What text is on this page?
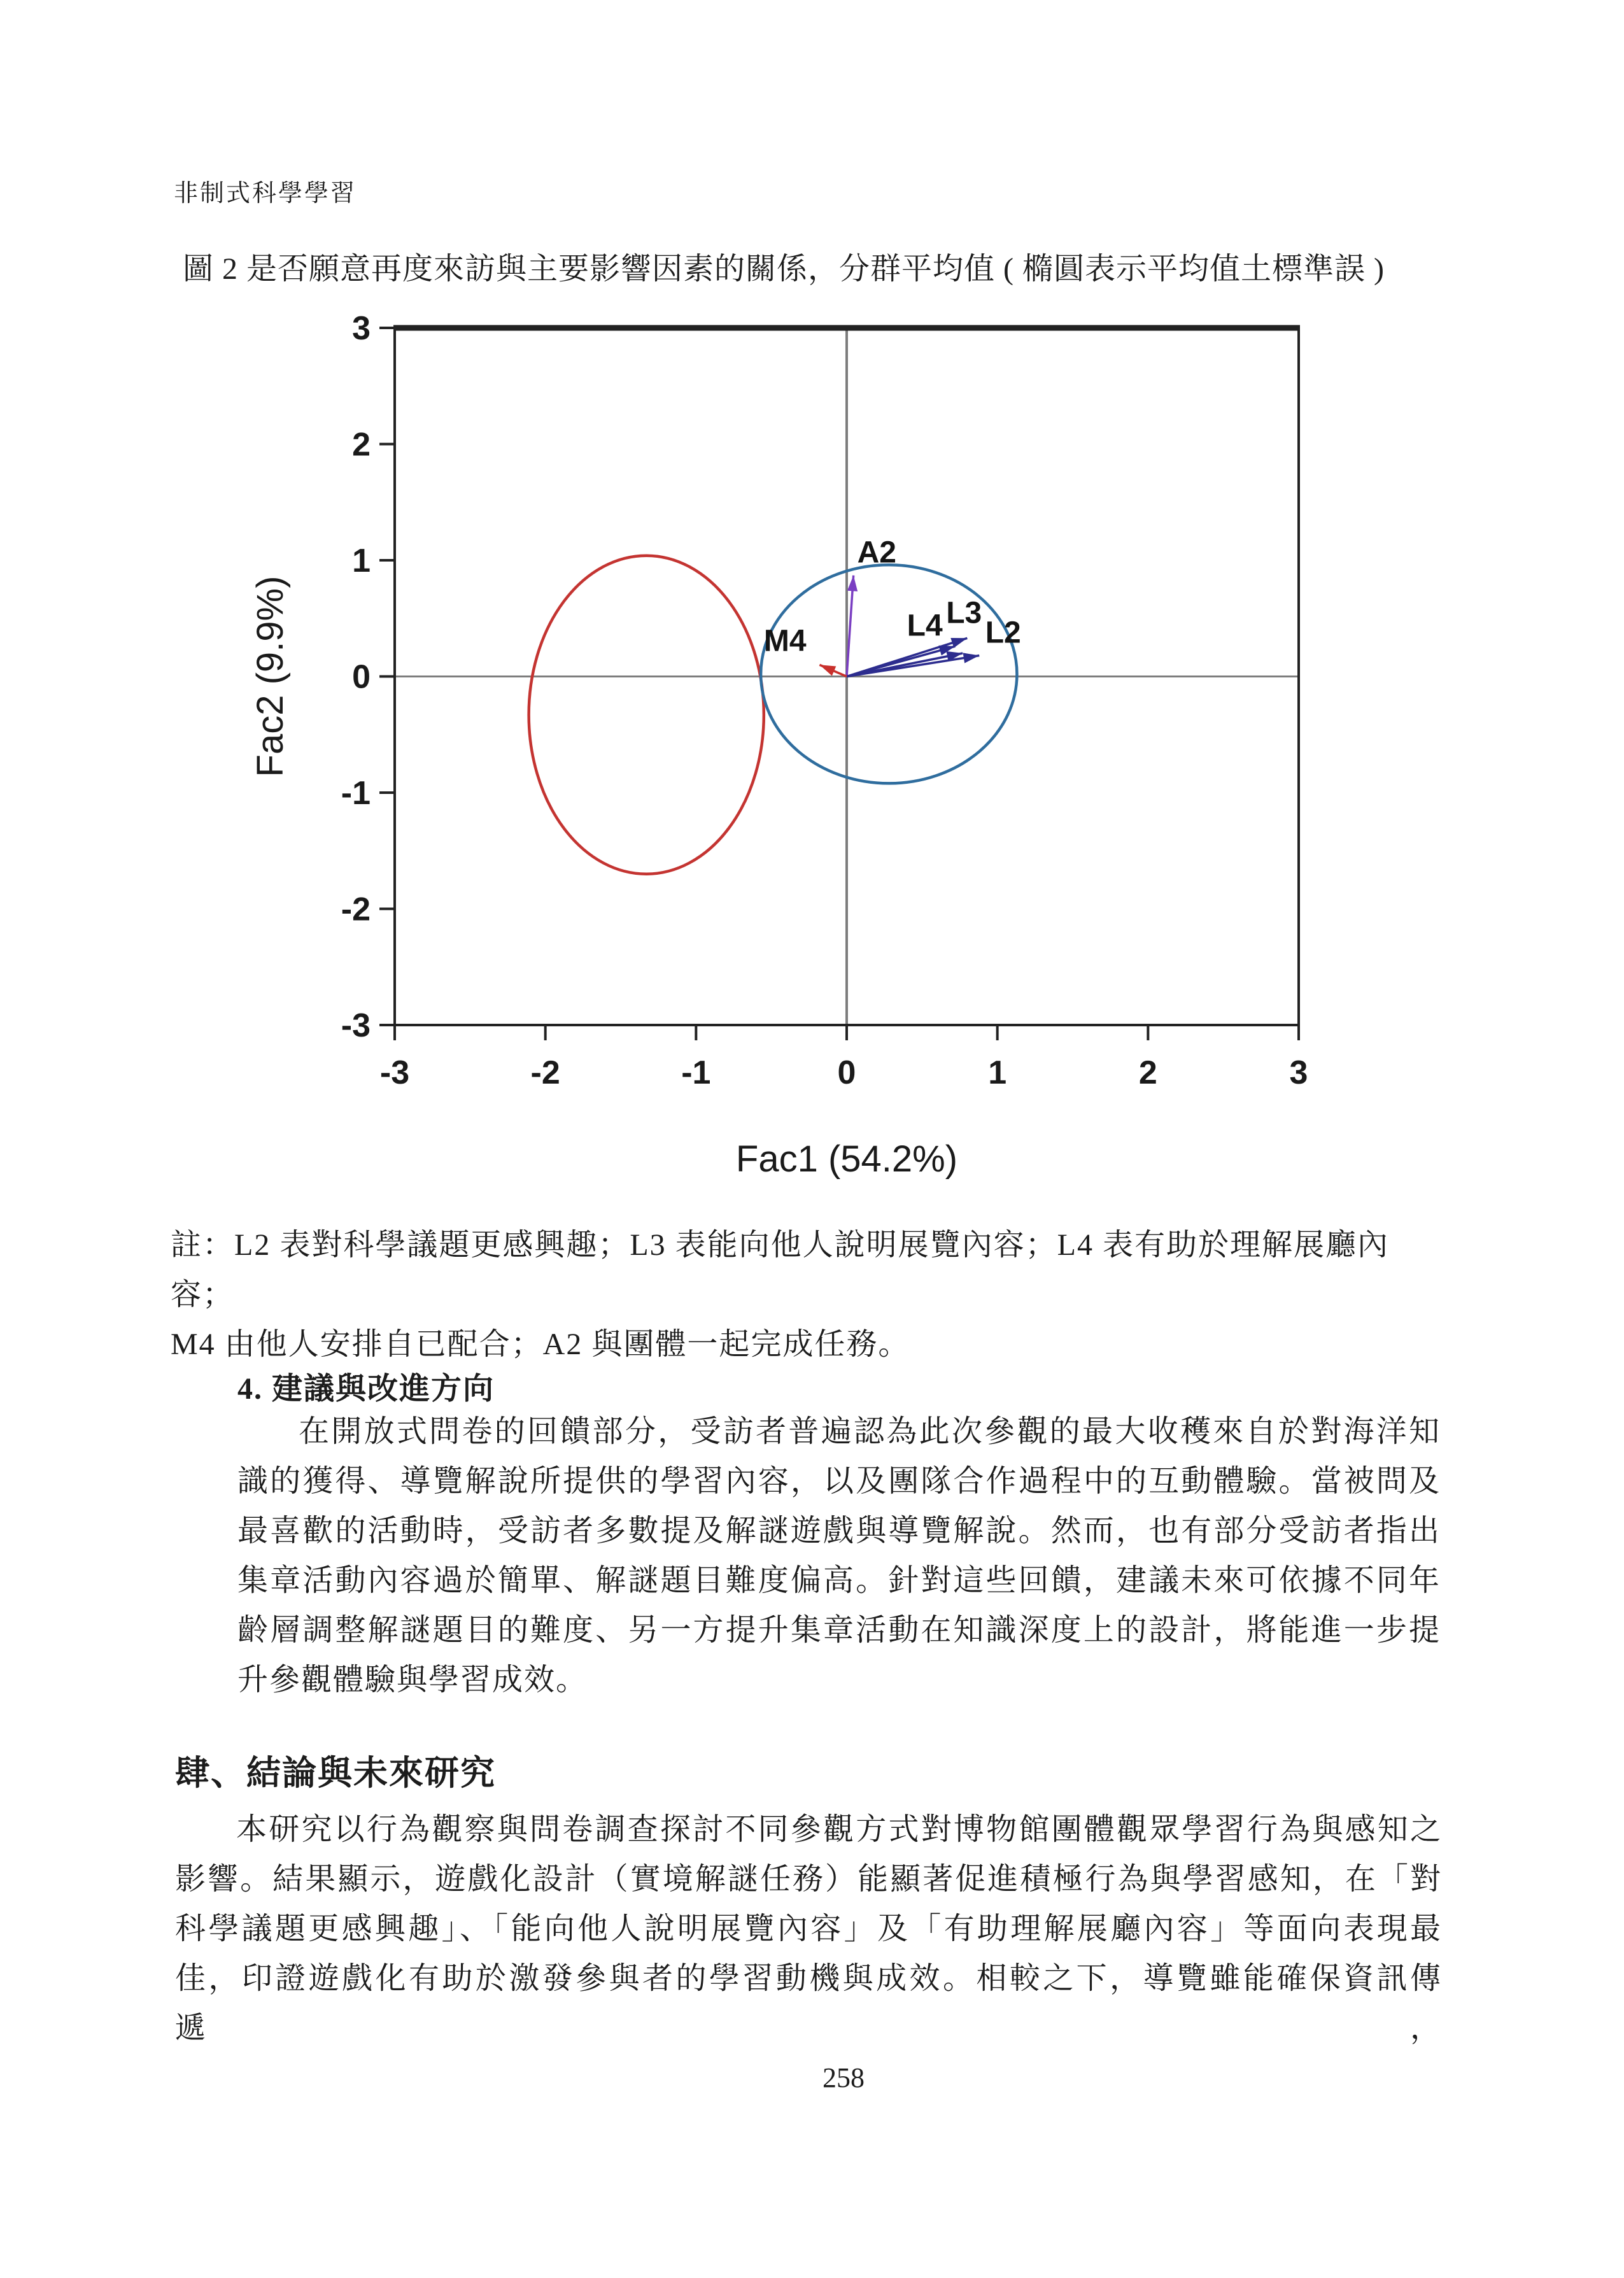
非制式科學學習
圖 2 是否願意再度來訪與主要影響因素的關係，分群平均值 ( 橢圓表示平均值土標準誤 )
A2
L3
L4 L2
M4
-3	-2	-1	0	1	2	3
3
2
1
0
-1
-2
-3
Fac1 (54.2%)
Fac2 (9.9%)
註：L2 表對科學議題更感興趣；L3 表能向他人說明展覽內容；L4 表有助於理解展廳內容；
M4 由他人安排自已配合；A2 與團體一起完成任務。
4. 建議與改進方向
在開放式問卷的回饋部分，受訪者普遍認為此次參觀的最大收穫來自於對海洋知
識的獲得、導覽解說所提供的學習內容，以及團隊合作過程中的互動體驗。當被問及
最喜歡的活動時，受訪者多數提及解謎遊戲與導覽解說。然而，也有部分受訪者指出
集章活動內容過於簡單、解謎題目難度偏高。針對這些回饋，建議未來可依據不同年
齡層調整解謎題目的難度、另一方提升集章活動在知識深度上的設計，將能進一步提
升參觀體驗與學習成效。
肆、結論與未來研究
本研究以行為觀察與問卷調查探討不同參觀方式對博物館團體觀眾學習行為與感知之
影響。結果顯示，遊戲化設計（實境解謎任務）能顯著促進積極行為與學習感知，在「對
科學議題更感興趣」、「能向他人說明展覽內容」及「有助理解展廳內容」等面向表現最
佳，印證遊戲化有助於激發參與者的學習動機與成效。相較之下，導覽雖能確保資訊傳遞，
258
